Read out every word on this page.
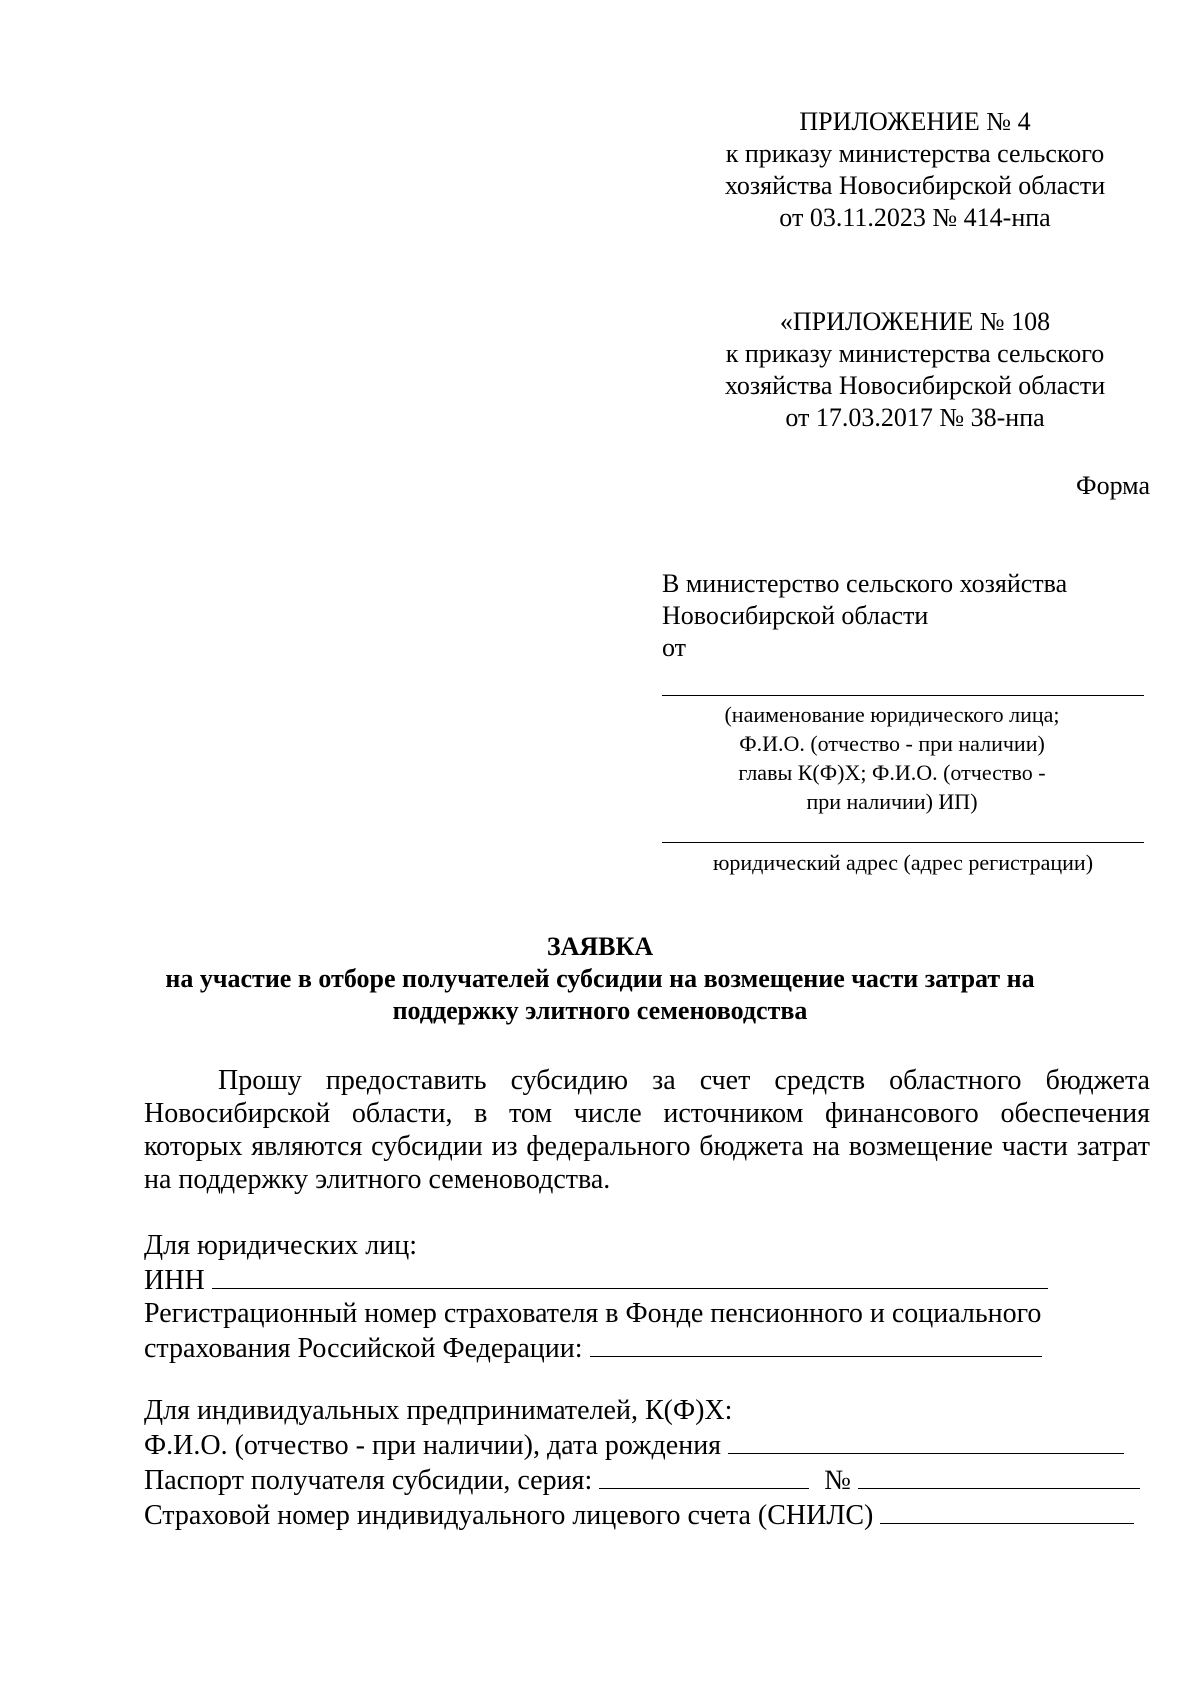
ПРИЛОЖЕНИЕ № 4
к приказу министерства сельского
хозяйства Новосибирской области
от 03.11.2023 № 414-нпа
«ПРИЛОЖЕНИЕ № 108
к приказу министерства сельского
хозяйства Новосибирской области
от 17.03.2017 № 38-нпа
Форма
В министерство сельского хозяйства
Новосибирской области
от
(наименование юридического лица;
Ф.И.О. (отчество - при наличии)
главы К(Ф)Х; Ф.И.О. (отчество -
при наличии) ИП)
юридический адрес (адрес регистрации)
ЗАЯВКА
на участие в отборе получателей субсидии на возмещение части затрат на
поддержку элитного семеноводства
Прошу предоставить субсидию за счет средств областного бюджета
Новосибирской области, в том числе источником финансового обеспечения
которых являются субсидии из федерального бюджета на возмещение части затрат
на поддержку элитного семеноводства.
Для юридических лиц:
ИНН
Регистрационный номер страхователя в Фонде пенсионного и социального
страхования Российской Федерации:
Для индивидуальных предпринимателей, К(Ф)Х:
Ф.И.О. (отчество - при наличии), дата рождения
Паспорт получателя субсидии, серия:	№
Страховой номер индивидуального лицевого счета (СНИЛС)
